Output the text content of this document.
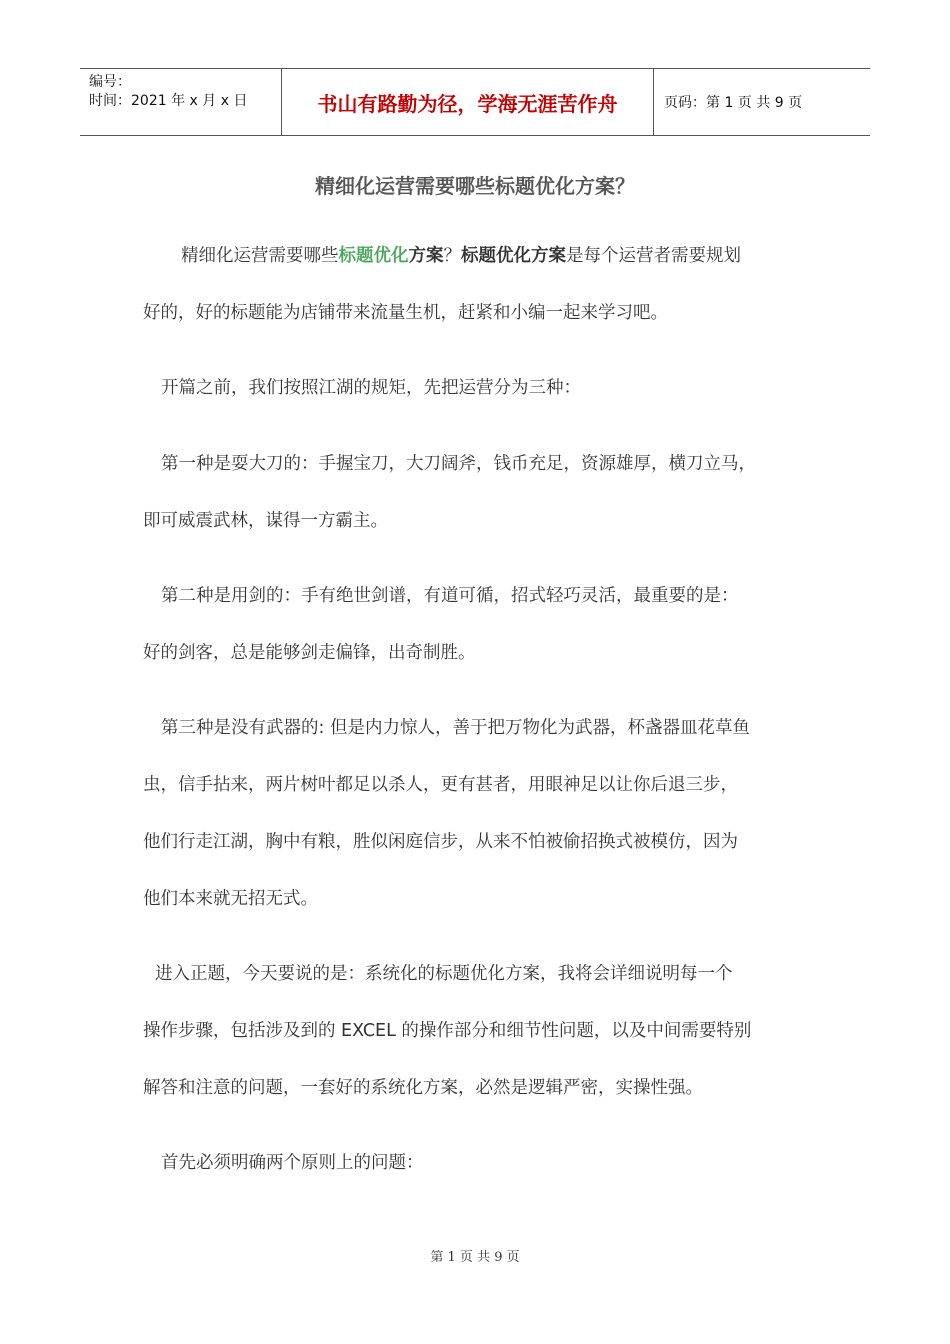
编号：
时间：2021 年 x 月 x 日	书山有路勤为径，学海无涯苦作舟	页码：第 1 页 共 9 页
精细化运营需要哪些标题优化方案？
精细化运营需要哪些标题优化方案？标题优化方案是每个运营者需要规划
好的，好的标题能为店铺带来流量生机，赶紧和小编一起来学习吧。
开篇之前，我们按照江湖的规矩，先把运营分为三种：
第一种是耍大刀的：手握宝刀，大刀阔斧，钱币充足，资源雄厚，横刀立马，
即可威震武林，谋得一方霸主。
第二种是用剑的：手有绝世剑谱，有道可循，招式轻巧灵活，最重要的是：
好的剑客，总是能够剑走偏锋，出奇制胜。
第三种是没有武器的: 但是内力惊人，善于把万物化为武器，杯盏器皿花草鱼
虫，信手拈来，两片树叶都足以杀人，更有甚者，用眼神足以让你后退三步，
他们行走江湖，胸中有粮，胜似闲庭信步，从来不怕被偷招换式被模仿，因为
他们本来就无招无式。
进入正题，今天要说的是：系统化的标题优化方案，我将会详细说明每一个
操作步骤，包括涉及到的 EXCEL 的操作部分和细节性问题，以及中间需要特别
解答和注意的问题，一套好的系统化方案，必然是逻辑严密，实操性强。
首先必须明确两个原则上的问题：
第 1 页 共 9 页
